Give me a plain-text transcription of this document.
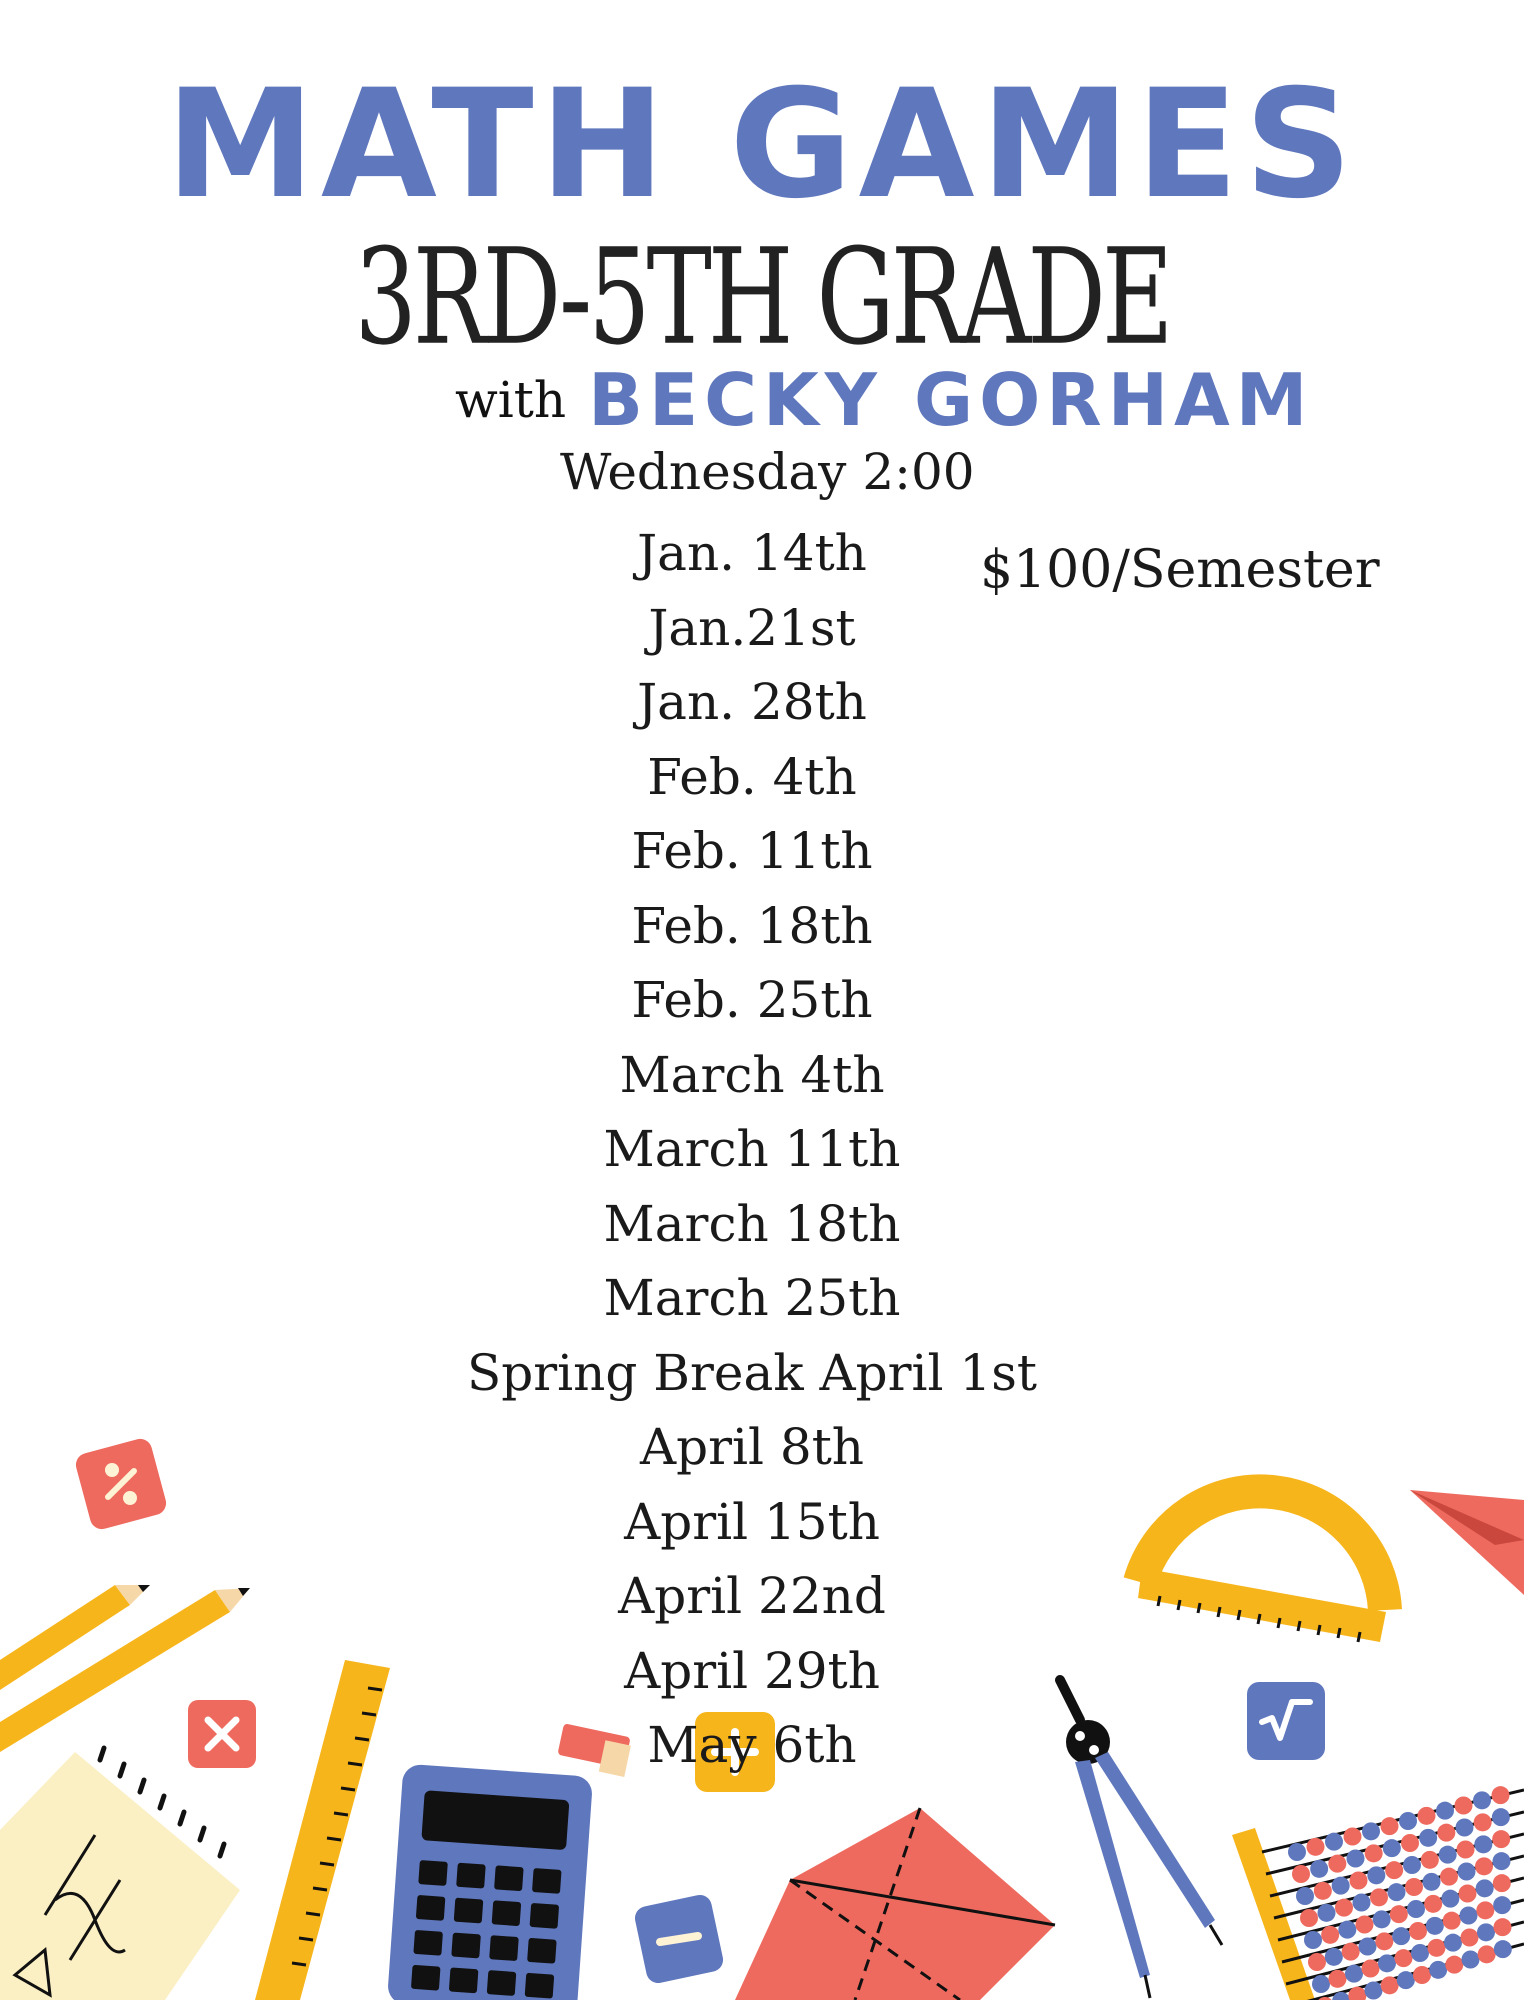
MATH GAMES
3RD-5TH GRADE
with BECKY GORHAM
Wednesday 2:00
$100/Semester
Jan. 14th
Jan.21st
Jan. 28th
Feb. 4th
Feb. 11th
Feb. 18th
Feb. 25th
March 4th
March 11th
March 18th
March 25th
Spring Break April 1st
April 8th
April 15th
April 22nd
April 29th
May 6th
